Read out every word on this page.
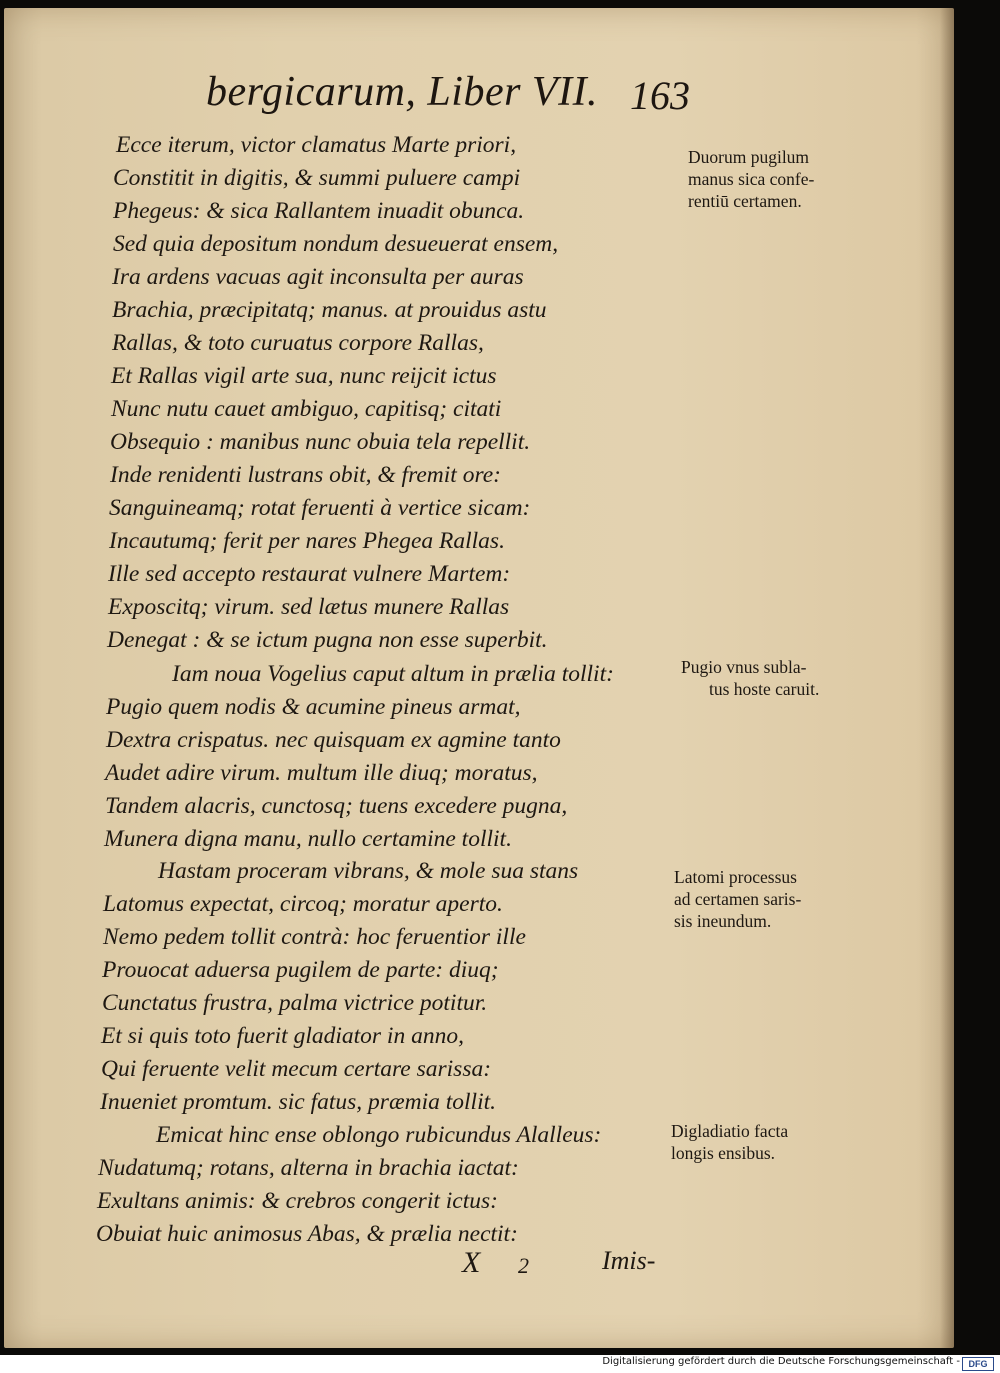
bergicarum, Liber VII. 163
Ecce iterum, victor clamatus Marte priori,
Constitit in digitis, & summi puluere campi
Phegeus: & sica Rallantem inuadit obunca.
Sed quia depositum nondum desueuerat ensem,
Ira ardens vacuas agit inconsulta per auras
Brachia, præcipitatq; manus. at prouidus astu
Rallas, & toto curuatus corpore Rallas,
Et Rallas vigil arte sua, nunc reijcit ictus
Nunc nutu cauet ambiguo, capitisq; citati
Obsequio : manibus nunc obuia tela repellit.
Inde renidenti lustrans obit, & fremit ore:
Sanguineamq; rotat feruenti à vertice sicam:
Incautumq; ferit per nares Phegea Rallas.
Ille sed accepto restaurat vulnere Martem:
Exposcitq; virum. sed lætus munere Rallas
Denegat : & se ictum pugna non esse superbit.
Iam noua Vogelius caput altum in prælia tollit:
Pugio quem nodis & acumine pineus armat,
Dextra crispatus. nec quisquam ex agmine tanto
Audet adire virum. multum ille diuq; moratus,
Tandem alacris, cunctosq; tuens excedere pugna,
Munera digna manu, nullo certamine tollit.
Hastam proceram vibrans, & mole sua stans
Latomus expectat, circoq; moratur aperto.
Nemo pedem tollit contrà: hoc feruentior ille
Prouocat aduersa pugilem de parte: diuq;
Cunctatus frustra, palma victrice potitur.
Et si quis toto fuerit gladiator in anno,
Qui feruente velit mecum certare sarissa:
Inueniet promtum. sic fatus, præmia tollit.
Emicat hinc ense oblongo rubicundus Alalleus:
Nudatumq; rotans, alterna in brachia iactat:
Exultans animis: & crebros congerit ictus:
Obuiat huic animosus Abas, & prælia nectit:
Duorum pugilum
manus sica confe-
rentiū certamen.
Pugio vnus subla-
tus hoste caruit.
Latomi processus
ad certamen saris-
sis ineundum.
Digladiatio facta
longis ensibus.
X 2	Imis-
Digitalisierung gefördert durch die Deutsche Forschungsgemeinschaft - DFG
